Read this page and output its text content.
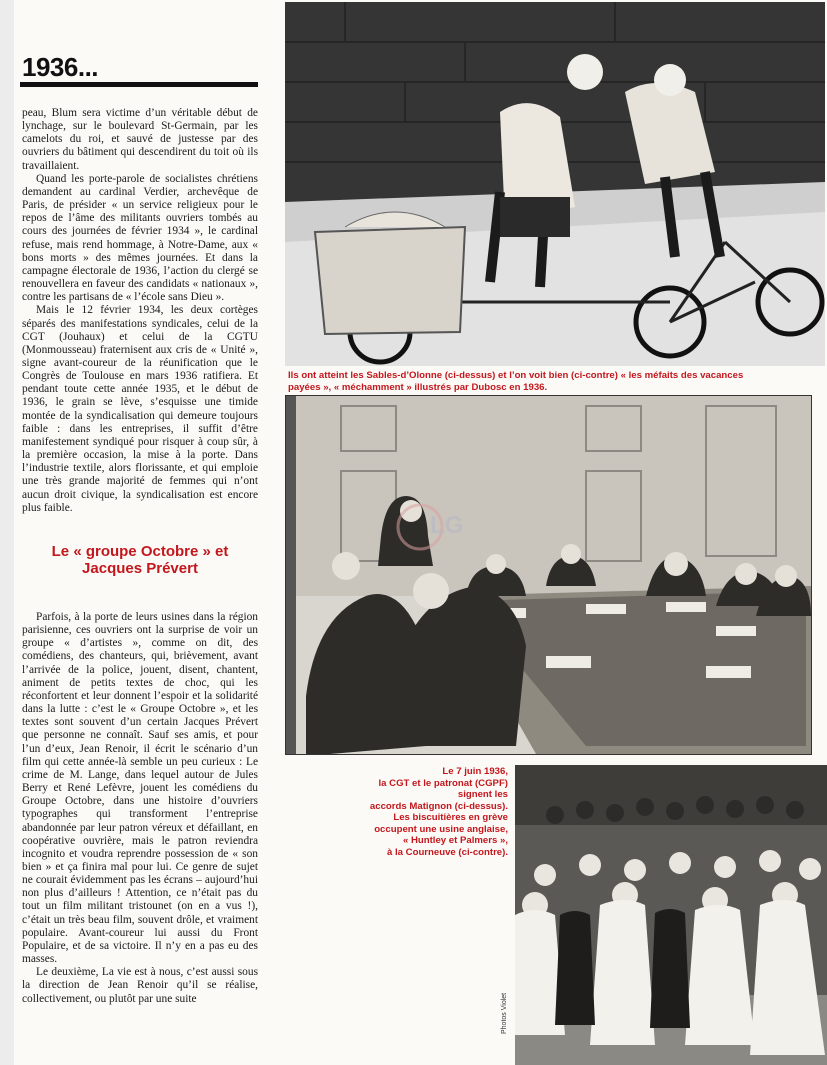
1936...

peau, Blum sera victime d’un véritable début de lynchage, sur le boulevard St-Germain, par les camelots du roi, et sauvé de justesse par des ouvriers du bâtiment qui descendirent du toit où ils travaillaient.

Quand les porte-parole de socialistes chrétiens demandent au cardinal Verdier, archevêque de Paris, de présider « un service religieux pour le repos de l’âme des militants ouvriers tombés au cours des journées de février 1934 », le cardinal refuse, mais rend hommage, à Notre-Dame, aux « bons morts » des mêmes journées. Et dans la campagne électorale de 1936, l’action du clergé se renouvellera en faveur des candidats « nationaux », contre les partisans de « l’école sans Dieu ».

Mais le 12 février 1934, les deux cortèges séparés des manifestations syndicales, celui de la CGT (Jouhaux) et celui de la CGTU (Monmousseau) fraternisent aux cris de « Unité », signe avant-coureur de la réunification que le Congrès de Toulouse en mars 1936 ratifiera. Et pendant toute cette année 1935, et le début de 1936, le grain se lève, s’esquisse une timide montée de la syndicalisation qui demeure toujours faible : dans les entreprises, il suffit d’être manifestement syndiqué pour risquer à coup sûr, à la première occasion, la mise à la porte. Dans l’industrie textile, alors florissante, et qui emploie une très grande majorité de femmes qui n’ont aucun droit civique, la syndicalisation est encore plus faible.

Le « groupe Octobre » et Jacques Prévert

Parfois, à la porte de leurs usines dans la région parisienne, ces ouvriers ont la surprise de voir un groupe « d’artistes », comme on dit, des comédiens, des chanteurs, qui, brièvement, avant l’arrivée de la police, jouent, disent, chantent, animent de petits textes de choc, qui les réconfortent et leur donnent l’espoir et la solidarité dans la lutte : c’est le « Groupe Octobre », et les textes sont souvent d’un certain Jacques Prévert que personne ne connaît. Sauf ses amis, et pour l’un d’eux, Jean Renoir, il écrit le scénario d’un film qui cette année-là semble un peu curieux : Le crime de M. Lange, dans lequel autour de Jules Berry et René Lefèvre, jouent les comédiens du Groupe Octobre, dans une histoire d’ouvriers typographes qui transforment l’entreprise abandonnée par leur patron véreux et défaillant, en coopérative ouvrière, mais le patron reviendra incognito et voudra reprendre possession de « son bien » et ça finira mal pour lui. Ce genre de sujet ne courait évidemment pas les écrans – aujourd’hui non plus d’ailleurs ! Attention, ce n’était pas du tout un film militant tristounet (on en a vus !), c’était un très beau film, souvent drôle, et vraiment populaire. Avant-coureur lui aussi du Front Populaire, et de sa victoire. Il n’y en a pas eu des masses.

Le deuxième, La vie est à nous, c’est aussi sous la direction de Jean Renoir qu’il se réalise, collectivement, ou plutôt par une suite

Ils ont atteint les Sables-d’Olonne (ci-dessus) et l’on voit bien (ci-contre) « les méfaits des vacances payées », « méchamment » illustrés par Dubosc en 1936.
LG
Le 7 juin 1936,
la CGT et le patronat (CGPF)
signent les
accords Matignon (ci-dessus).
Les biscuitières en grève
occupent une usine anglaise,
« Huntley et Palmers »,
à la Courneuve (ci-contre).
Photos Violet
